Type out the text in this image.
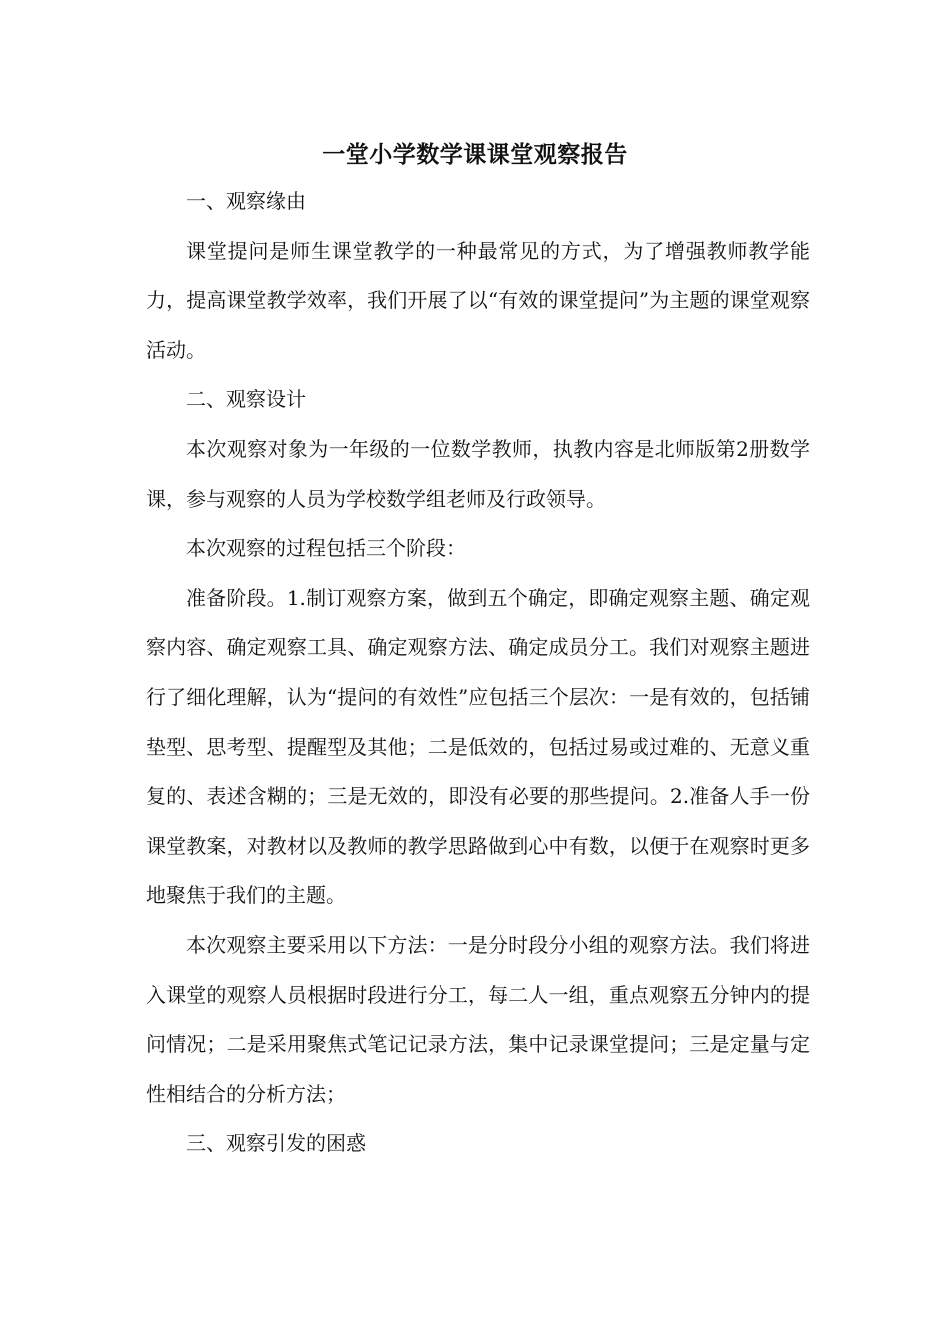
一堂小学数学课课堂观察报告

一、观察缘由

课堂提问是师生课堂教学的一种最常见的方式，为了增强教师教学能力，提高课堂教学效率，我们开展了以“有效的课堂提问”为主题的课堂观察活动。

二、观察设计

本次观察对象为一年级的一位数学教师，执教内容是北师版第2册数学课，参与观察的人员为学校数学组老师及行政领导。

本次观察的过程包括三个阶段：

准备阶段。1.制订观察方案，做到五个确定，即确定观察主题、确定观察内容、确定观察工具、确定观察方法、确定成员分工。我们对观察主题进行了细化理解，认为“提问的有效性”应包括三个层次：一是有效的，包括铺垫型、思考型、提醒型及其他；二是低效的，包括过易或过难的、无意义重复的、表述含糊的；三是无效的，即没有必要的那些提问。2.准备人手一份课堂教案，对教材以及教师的教学思路做到心中有数，以便于在观察时更多地聚焦于我们的主题。

本次观察主要采用以下方法：一是分时段分小组的观察方法。我们将进入课堂的观察人员根据时段进行分工，每二人一组，重点观察五分钟内的提问情况；二是采用聚焦式笔记记录方法，集中记录课堂提问；三是定量与定性相结合的分析方法；

三、观察引发的困惑
